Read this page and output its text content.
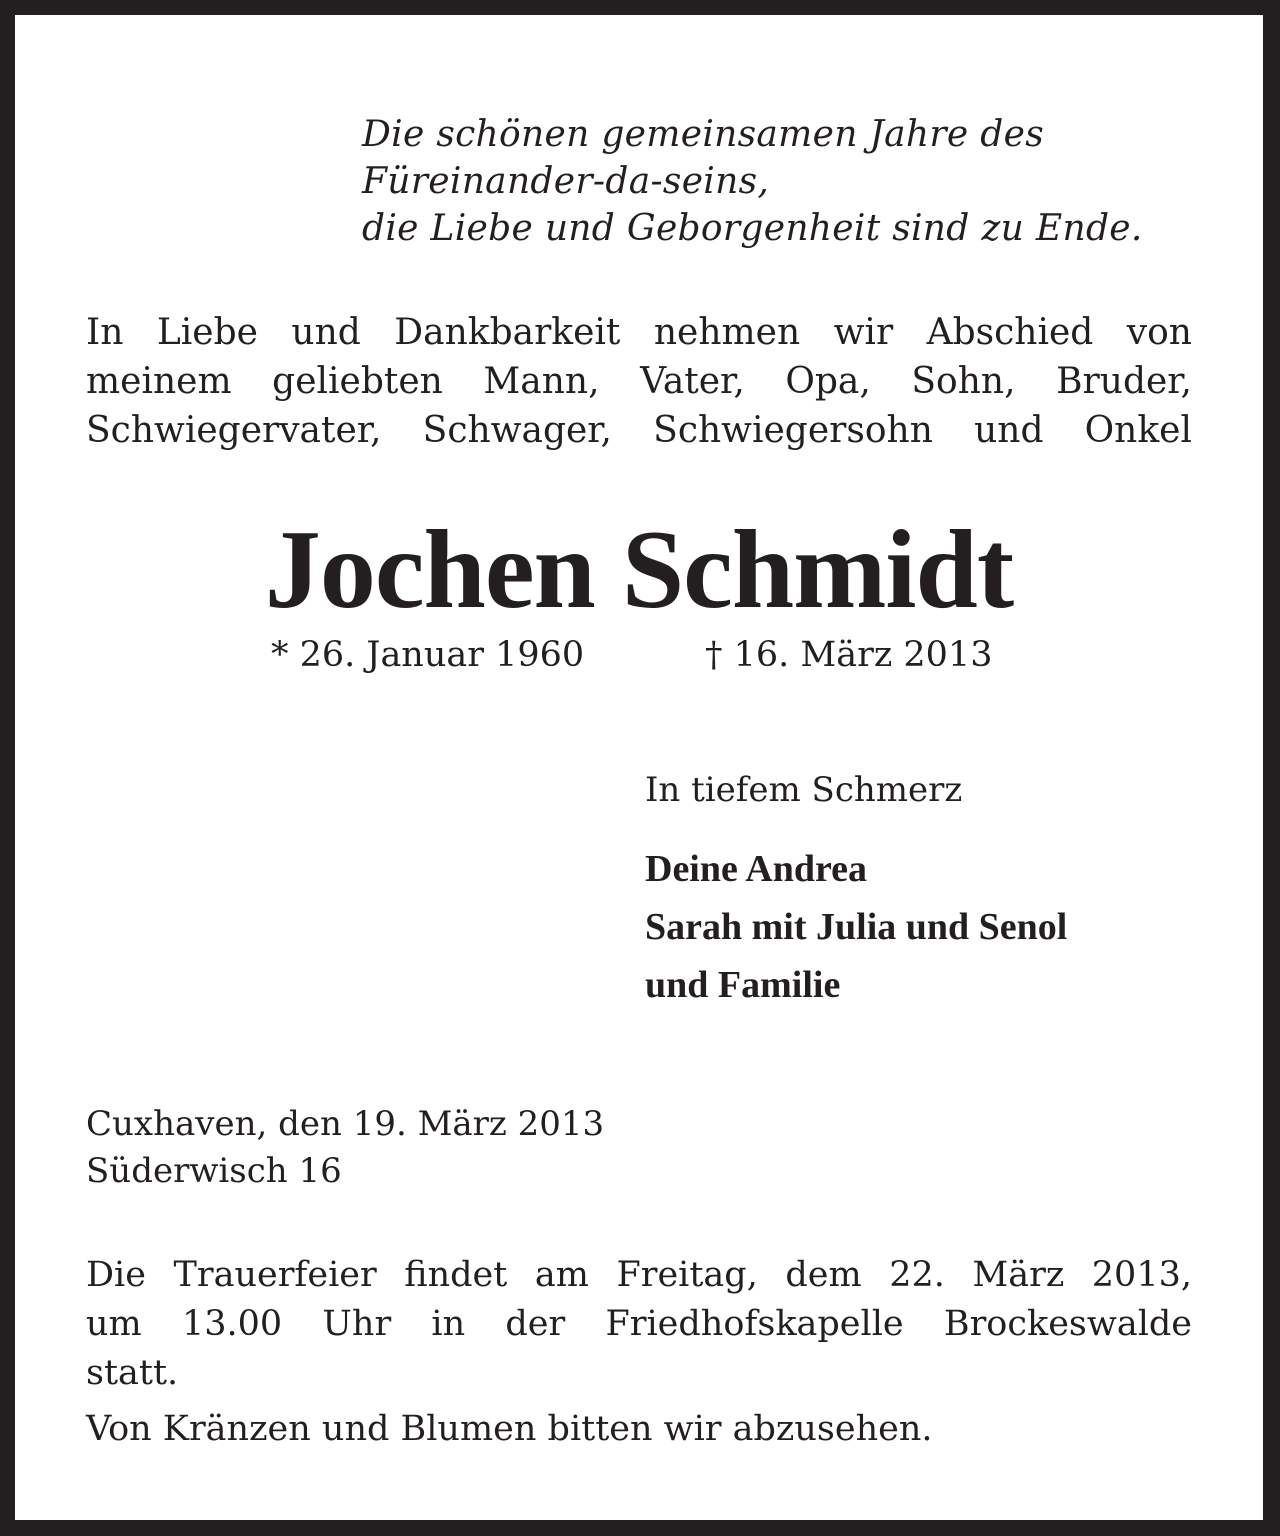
Die schönen gemeinsamen Jahre des
Füreinander-da-seins,
die Liebe und Geborgenheit sind zu Ende.
In Liebe und Dankbarkeit nehmen wir Abschied von
meinem geliebten Mann, Vater, Opa, Sohn, Bruder,
Schwiegervater, Schwager, Schwiegersohn und Onkel
Jochen Schmidt
* 26. Januar 1960	† 16. März 2013
In tiefem Schmerz
Deine Andrea
Sarah mit Julia und Senol
und Familie
Cuxhaven, den 19. März 2013
Süderwisch 16
Die Trauerfeier findet am Freitag, dem 22. März 2013,
um 13.00 Uhr in der Friedhofskapelle Brockeswalde
statt.
Von Kränzen und Blumen bitten wir abzusehen.
